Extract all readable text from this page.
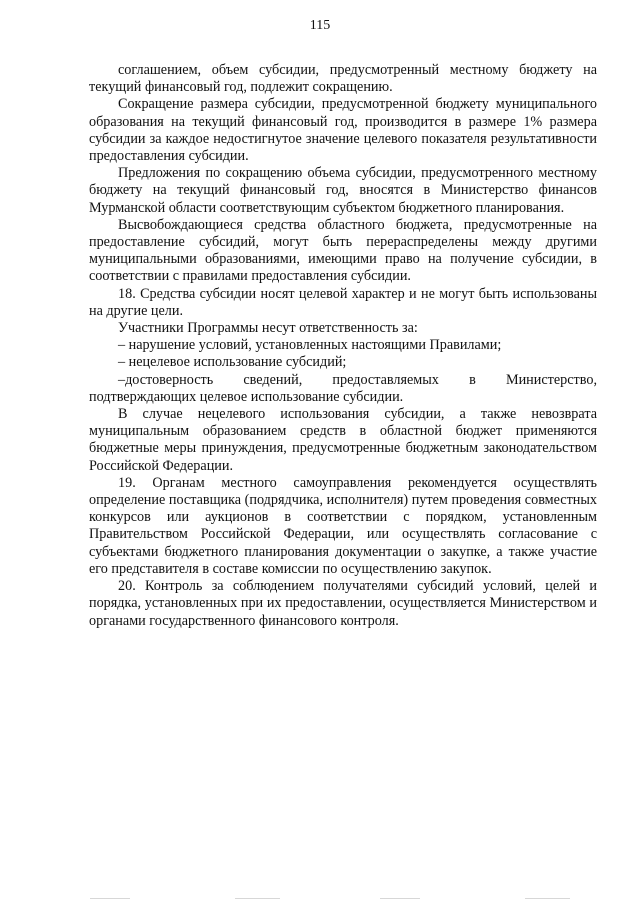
115

соглашением, объем субсидии, предусмотренный местному бюджету на текущий финансовый год, подлежит сокращению.

Сокращение размера субсидии, предусмотренной бюджету муниципального образования на текущий финансовый год, производится в размере 1% размера субсидии за каждое недостигнутое значение целевого показателя результативности предоставления субсидии.

Предложения по сокращению объема субсидии, предусмотренного местному бюджету на текущий финансовый год, вносятся в Министерство финансов Мурманской области соответствующим субъектом бюджетного планирования.

Высвобождающиеся средства областного бюджета, предусмотренные на предоставление субсидий, могут быть перераспределены между другими муниципальными образованиями, имеющими право на получение субсидии, в соответствии с правилами предоставления субсидии.

18. Средства субсидии носят целевой характер и не могут быть использованы на другие цели.

Участники Программы несут ответственность за:

– нарушение условий, установленных настоящими Правилами;

– нецелевое использование субсидий;

–достоверность сведений, предоставляемых в Министерство, подтверждающих целевое использование субсидии.

В случае нецелевого использования субсидии, а также невозврата муниципальным образованием средств в областной бюджет применяются бюджетные меры принуждения, предусмотренные бюджетным законодательством Российской Федерации.

19. Органам местного самоуправления рекомендуется осуществлять определение поставщика (подрядчика, исполнителя) путем проведения совместных конкурсов или аукционов в соответствии с порядком, установленным Правительством Российской Федерации, или осуществлять согласование с субъектами бюджетного планирования документации о закупке, а также участие его представителя в составе комиссии по осуществлению закупок.

20. Контроль за соблюдением получателями субсидий условий, целей и порядка, установленных при их предоставлении, осуществляется Министерством и органами государственного финансового контроля.
